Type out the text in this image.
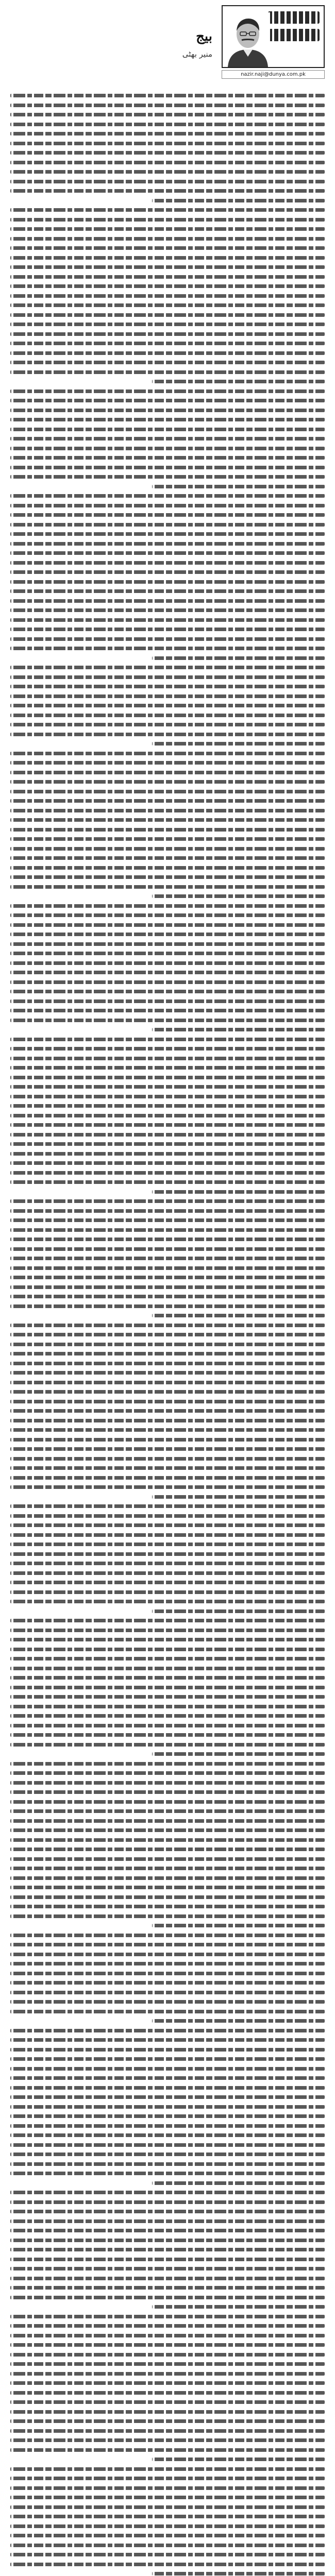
nazir.naji@dunya.com.pk
بیج

منیر بھٹی
